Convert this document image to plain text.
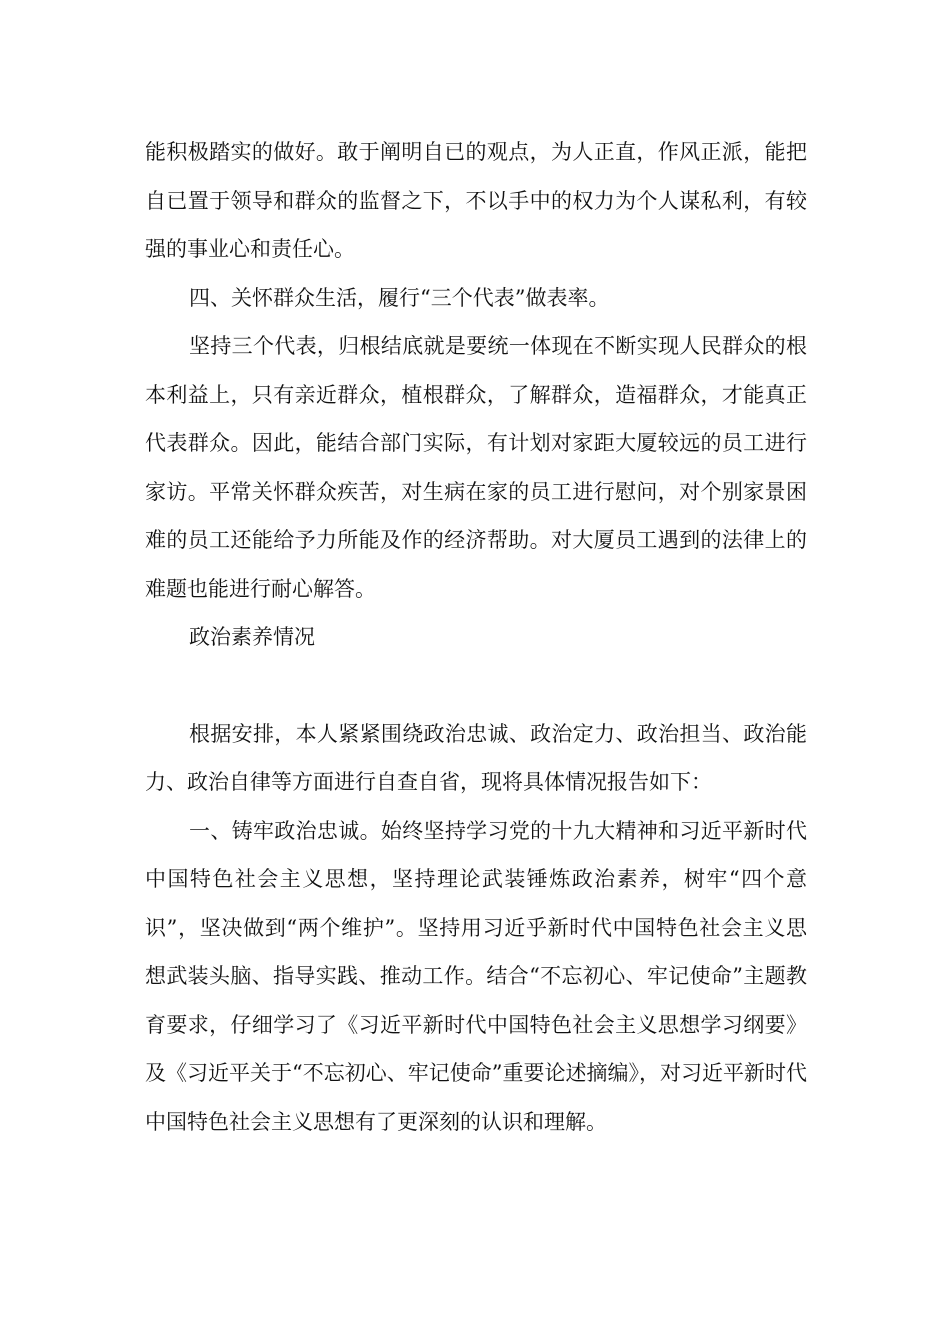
能积极踏实的做好。敢于阐明自已的观点，为人正直，作风正派，能把自已置于领导和群众的监督之下，不以手中的权力为个人谋私利，有较强的事业心和责任心。

四、关怀群众生活，履行“三个代表”做表率。

坚持三个代表，归根结底就是要统一体现在不断实现人民群众的根本利益上，只有亲近群众，植根群众，了解群众，造福群众，才能真正代表群众。因此，能结合部门实际，有计划对家距大厦较远的员工进行家访。平常关怀群众疾苦，对生病在家的员工进行慰问，对个别家景困难的员工还能给予力所能及作的经济帮助。对大厦员工遇到的法律上的难题也能进行耐心解答。

政治素养情况

根据安排，本人紧紧围绕政治忠诚、政治定力、政治担当、政治能力、政治自律等方面进行自查自省，现将具体情况报告如下：

一、铸牢政治忠诚。始终坚持学习党的十九大精神和习近平新时代中国特色社会主义思想，坚持理论武装锤炼政治素养，树牢“四个意识”，坚决做到“两个维护”。坚持用习近乎新时代中国特色社会主义思想武装头脑、指导实践、推动工作。结合“不忘初心、牢记使命”主题教育要求，仔细学习了《习近平新时代中国特色社会主义思想学习纲要》及《习近平关于“不忘初心、牢记使命”重要论述摘编》，对习近平新时代中国特色社会主义思想有了更深刻的认识和理解。
